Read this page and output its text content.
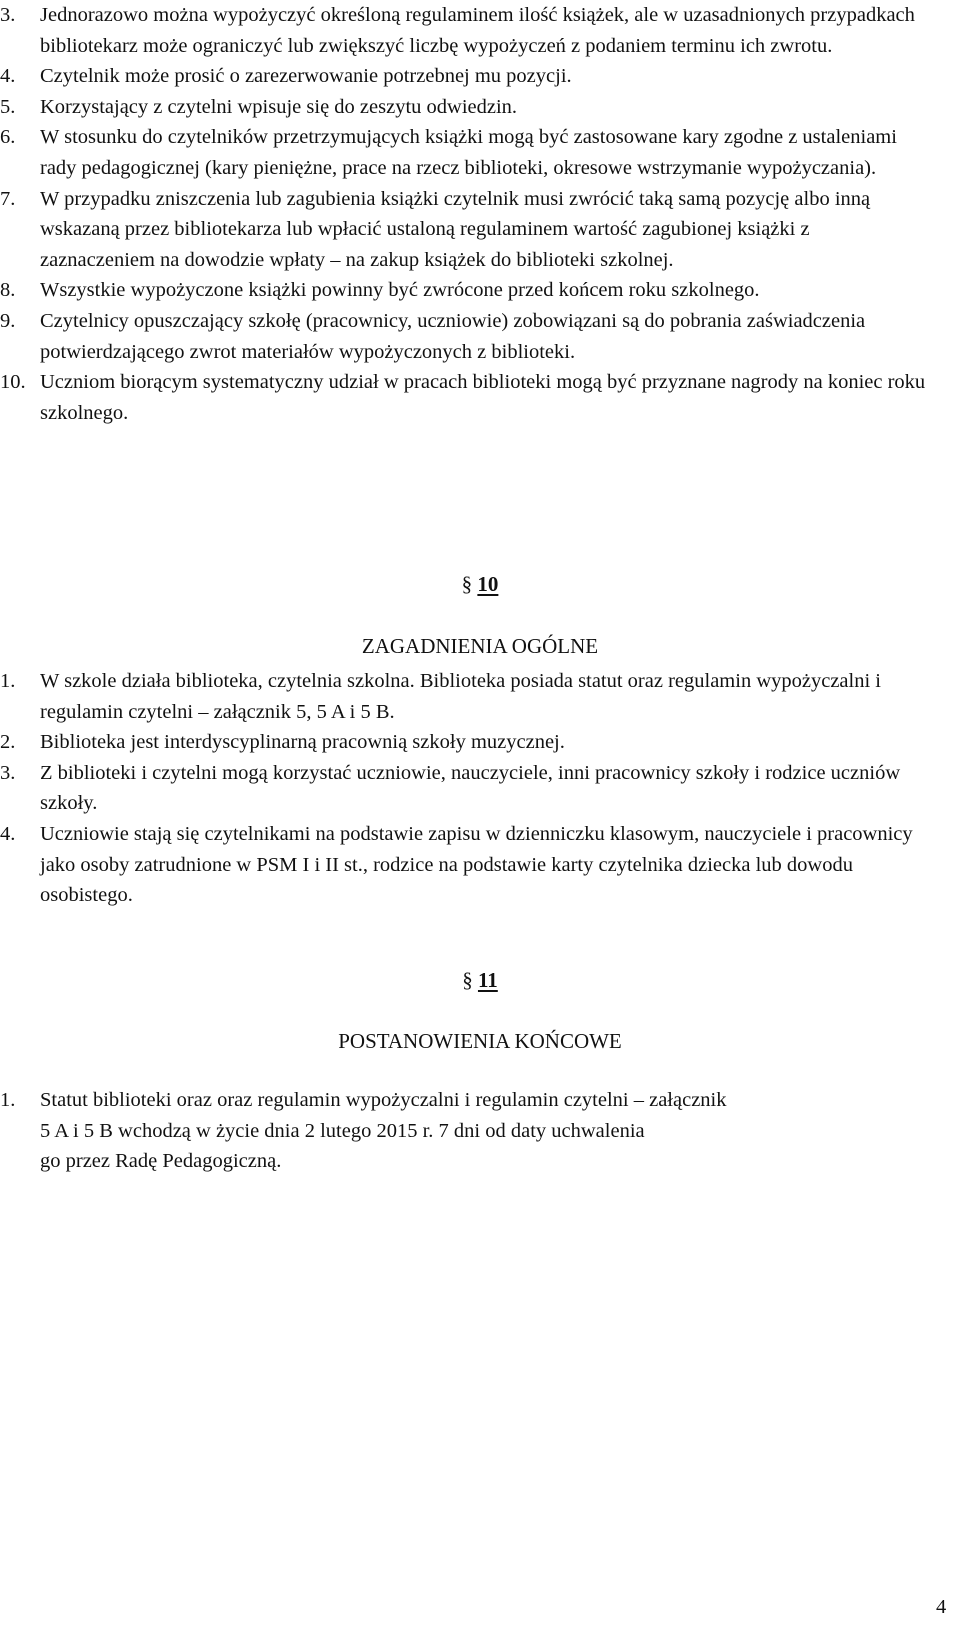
3. Jednorazowo można wypożyczyć określoną regulaminem ilość książek, ale w uzasadnionych przypadkach bibliotekarz może ograniczyć lub zwiększyć liczbę wypożyczeń z podaniem terminu ich zwrotu.
4. Czytelnik może prosić o zarezerwowanie potrzebnej mu pozycji.
5. Korzystający z czytelni wpisuje się do zeszytu odwiedzin.
6. W stosunku do czytelników przetrzymujących książki mogą być zastosowane kary zgodne z ustaleniami rady pedagogicznej (kary pieniężne, prace na rzecz biblioteki, okresowe wstrzymanie wypożyczania).
7. W przypadku zniszczenia lub zagubienia książki czytelnik musi zwrócić taką samą pozycję albo inną wskazaną przez bibliotekarza lub wpłacić ustaloną regulaminem wartość zagubionej książki z zaznaczeniem na dowodzie wpłaty – na zakup książek do biblioteki szkolnej.
8. Wszystkie wypożyczone książki powinny być zwrócone przed końcem roku szkolnego.
9. Czytelnicy opuszczający szkołę (pracownicy, uczniowie) zobowiązani są do pobrania zaświadczenia potwierdzającego zwrot materiałów wypożyczonych z biblioteki.
10. Uczniom biorącym systematyczny udział w pracach biblioteki mogą być przyznane nagrody na koniec roku szkolnego.
§ 10
ZAGADNIENIA OGÓLNE
1. W szkole działa biblioteka, czytelnia szkolna. Biblioteka posiada statut oraz regulamin wypożyczalni i regulamin czytelni – załącznik 5, 5 A i 5 B.
2. Biblioteka jest interdyscyplinarną pracownią szkoły muzycznej.
3. Z biblioteki i czytelni mogą korzystać uczniowie, nauczyciele, inni pracownicy szkoły i rodzice uczniów szkoły.
4. Uczniowie stają się czytelnikami na podstawie zapisu w dzienniczku klasowym, nauczyciele i pracownicy jako osoby zatrudnione w PSM I i II st., rodzice na podstawie karty czytelnika dziecka lub dowodu osobistego.
§ 11
POSTANOWIENIA KOŃCOWE
1. Statut biblioteki oraz oraz regulamin wypożyczalni i regulamin czytelni – załącznik
5 A i 5 B wchodzą w życie dnia 2 lutego 2015 r. 7 dni od daty uchwalenia
go przez Radę Pedagogiczną.
4
